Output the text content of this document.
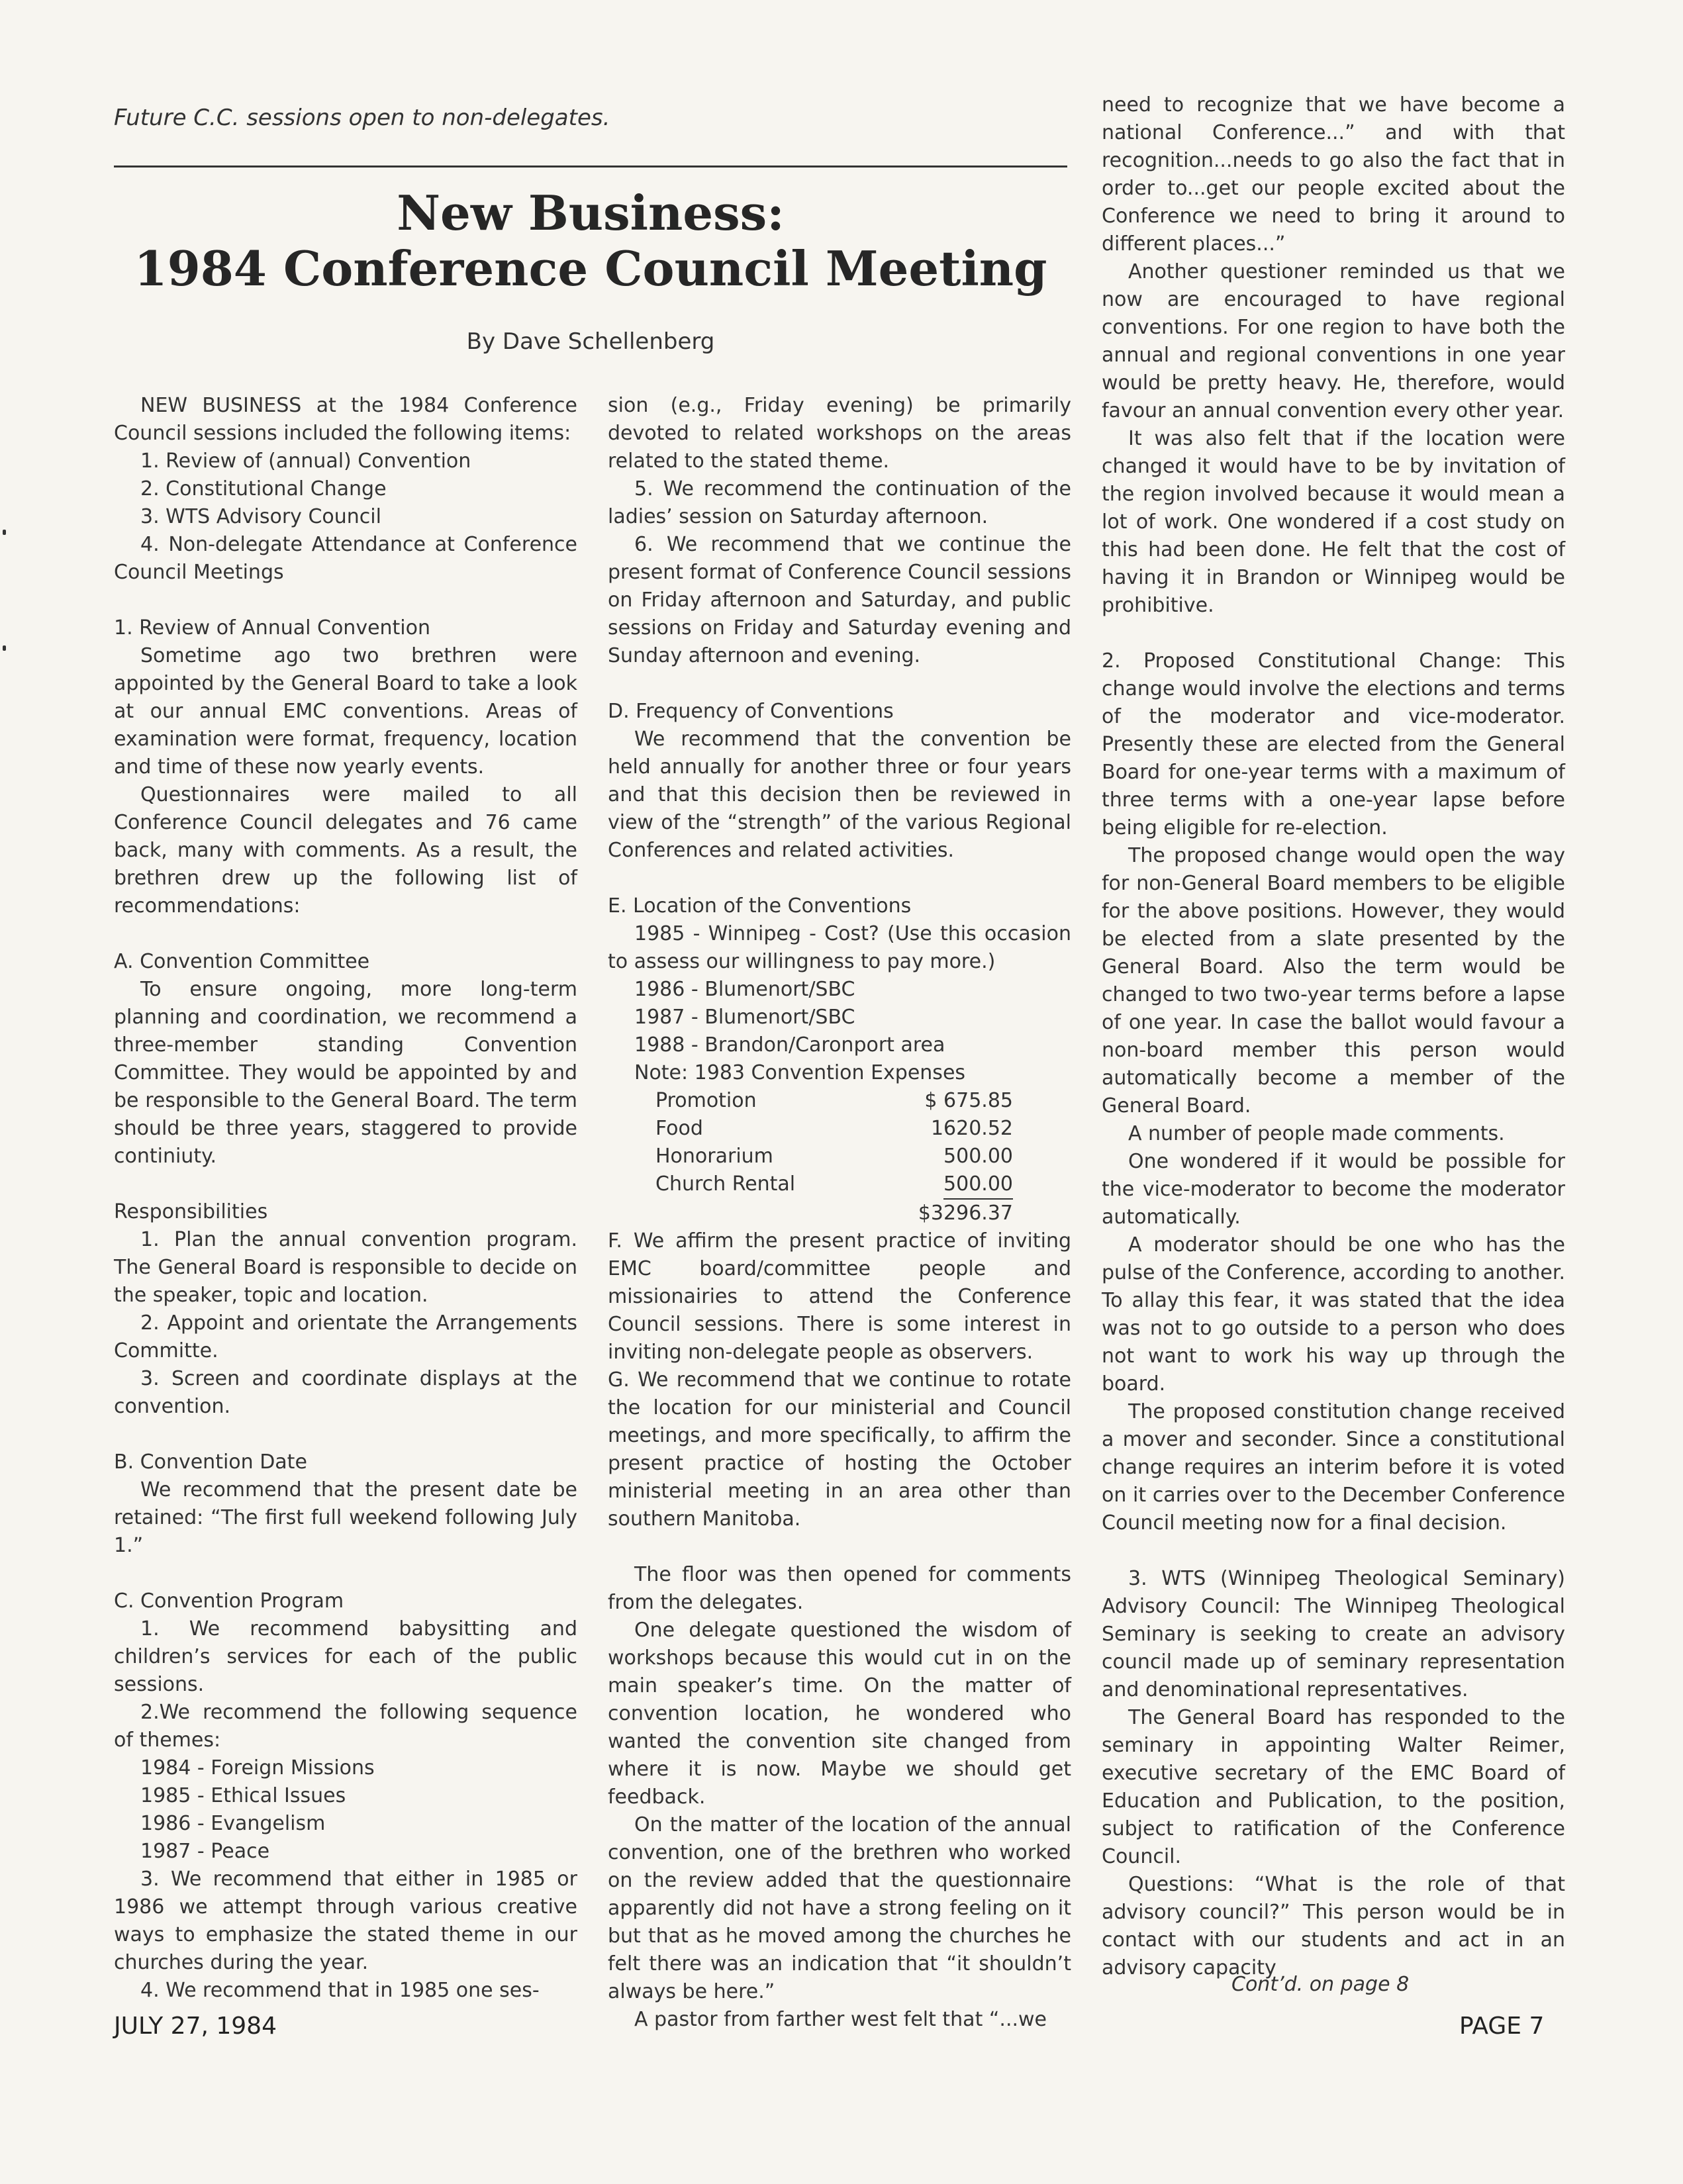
Future C.C. sessions open to non-delegates.
New Business:
1984 Conference Council Meeting

By Dave Schellenberg

NEW BUSINESS at the 1984 Conference Council sessions included the following items:

1. Review of (annual) Convention

2. Constitutional Change

3. WTS Advisory Council

4. Non-delegate Attendance at Conference Council Meetings

1. Review of Annual Convention

Sometime ago two brethren were appointed by the General Board to take a look at our annual EMC conventions. Areas of examination were format, frequency, location and time of these now yearly events.

Questionnaires were mailed to all Conference Council delegates and 76 came back, many with comments. As a result, the brethren drew up the following list of recommendations:

A. Convention Committee

To ensure ongoing, more long-term planning and coordination, we recommend a three-member standing Convention Committee. They would be appointed by and be responsible to the General Board. The term should be three years, staggered to provide continiuty.

Responsibilities

1. Plan the annual convention program. The General Board is responsible to decide on the speaker, topic and location.

2. Appoint and orientate the Arrangements Committe.

3. Screen and coordinate displays at the convention.

B. Convention Date

We recommend that the present date be retained: “The first full weekend following July 1.”

C. Convention Program

1. We recommend babysitting and children’s services for each of the public sessions.

2.We recommend the following sequence of themes:

1984 - Foreign Missions

1985 - Ethical Issues

1986 - Evangelism

1987 - Peace

3. We recommend that either in 1985 or 1986 we attempt through various creative ways to emphasize the stated theme in our churches during the year.

4. We recommend that in 1985 one ses-

sion (e.g., Friday evening) be primarily devoted to related workshops on the areas related to the stated theme.

5. We recommend the continuation of the ladies’ session on Saturday afternoon.

6. We recommend that we continue the present format of Conference Council sessions on Friday afternoon and Saturday, and public sessions on Friday and Saturday evening and Sunday afternoon and evening.

D. Frequency of Conventions

We recommend that the convention be held annually for another three or four years and that this decision then be reviewed in view of the “strength” of the various Regional Conferences and related activities.

E. Location of the Conventions

1985 - Winnipeg - Cost? (Use this occasion to assess our willingness to pay more.)

1986 - Blumenort/SBC

1987 - Blumenort/SBC

1988 - Brandon/Caronport area

Note: 1983 Convention Expenses

Promotion	$ 675.85
Food	1620.52
Honorarium	500.00
Church Rental	500.00
$3296.37

F. We affirm the present practice of inviting EMC board/committee people and missionairies to attend the Conference Council sessions. There is some interest in inviting non-delegate people as observers.

G. We recommend that we continue to rotate the location for our ministerial and Council meetings, and more specifically, to affirm the present practice of hosting the October ministerial meeting in an area other than southern Manitoba.

The floor was then opened for comments from the delegates.

One delegate questioned the wisdom of workshops because this would cut in on the main speaker’s time. On the matter of convention location, he wondered who wanted the convention site changed from where it is now. Maybe we should get feedback.

On the matter of the location of the annual convention, one of the brethren who worked on the review added that the questionnaire apparently did not have a strong feeling on it but that as he moved among the churches he felt there was an indication that “it shouldn’t always be here.”

A pastor from farther west felt that “...we

need to recognize that we have become a national Conference...” and with that recognition...needs to go also the fact that in order to...get our people excited about the Conference we need to bring it around to different places...”

Another questioner reminded us that we now are encouraged to have regional conventions. For one region to have both the annual and regional conventions in one year would be pretty heavy. He, therefore, would favour an annual convention every other year.

It was also felt that if the location were changed it would have to be by invitation of the region involved because it would mean a lot of work. One wondered if a cost study on this had been done. He felt that the cost of having it in Brandon or Winnipeg would be prohibitive.

2. Proposed Constitutional Change: This change would involve the elections and terms of the moderator and vice-moderator. Presently these are elected from the General Board for one-year terms with a maximum of three terms with a one-year lapse before being eligible for re-election.

The proposed change would open the way for non-General Board members to be eligible for the above positions. However, they would be elected from a slate presented by the General Board. Also the term would be changed to two two-year terms before a lapse of one year. In case the ballot would favour a non-board member this person would automatically become a member of the General Board.

A number of people made comments.

One wondered if it would be possible for the vice-moderator to become the moderator automatically.

A moderator should be one who has the pulse of the Conference, according to another. To allay this fear, it was stated that the idea was not to go outside to a person who does not want to work his way up through the board.

The proposed constitution change received a mover and seconder. Since a constitutional change requires an interim before it is voted on it carries over to the December Conference Council meeting now for a final decision.

3. WTS (Winnipeg Theological Seminary) Advisory Council: The Winnipeg Theological Seminary is seeking to create an advisory council made up of seminary representation and denominational representatives.

The General Board has responded to the seminary in appointing Walter Reimer, executive secretary of the EMC Board of Education and Publication, to the position, subject to ratification of the Conference Council.

Questions: “What is the role of that advisory council?” This person would be in contact with our students and act in an advisory capacity

Cont’d. on page 8
JULY 27, 1984	PAGE 7
